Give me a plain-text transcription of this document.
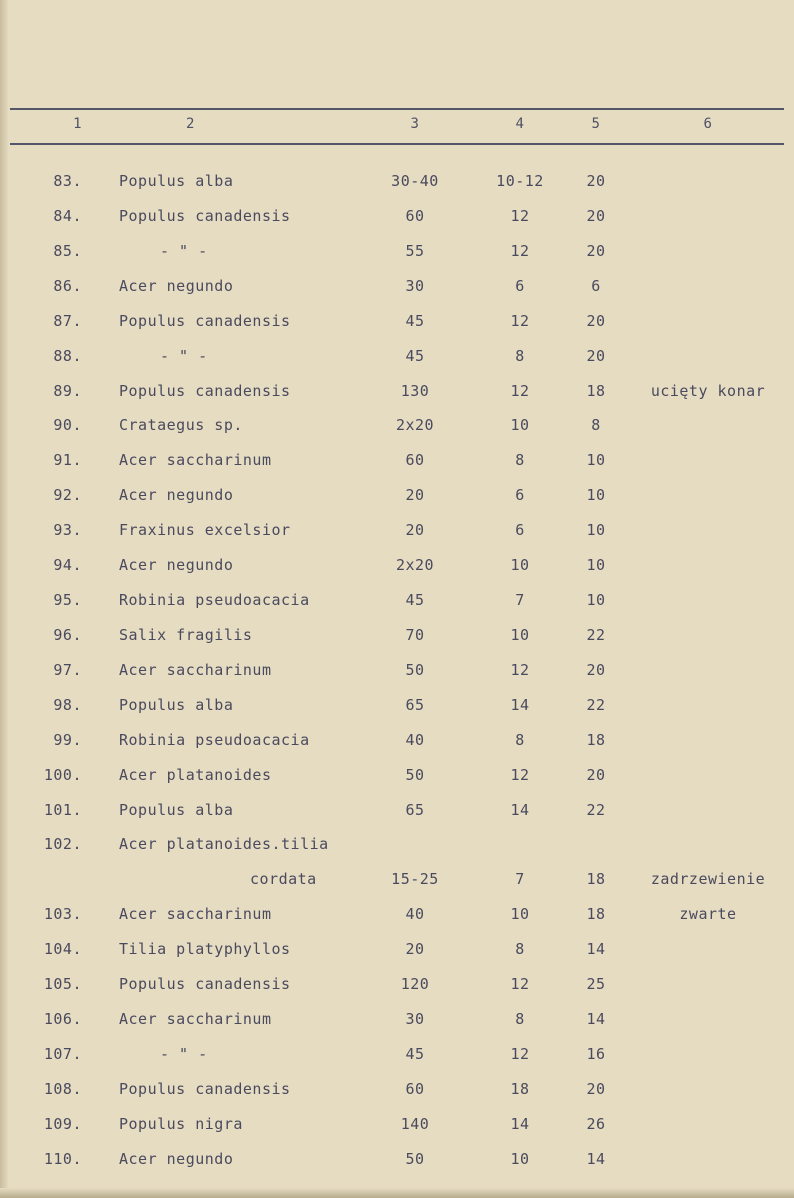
1	2	3	4	5	6
83. Populus alba	30-40	10-12	20
84. Populus canadensis	60	12	20
85.	- " -	55	12	20
86. Acer negundo	30	6	6
87. Populus canadensis	45	12	20
88.	- " -	45	8	20
89. Populus canadensis	130	12	18	ucięty konar
90. Crataegus sp.	2x20	10	8
91. Acer saccharinum	60	8	10
92. Acer negundo	20	6	10
93. Fraxinus excelsior	20	6	10
94. Acer negundo	2x20	10	10
95. Robinia pseudoacacia	45	7	10
96. Salix fragilis	70	10	22
97. Acer saccharinum	50	12	20
98. Populus alba	65	14	22
99. Robinia pseudoacacia	40	8	18
100. Acer platanoides	50	12	20
101. Populus alba	65	14	22
102. Acer platanoides.tilia
cordata	15-25	7	18	zadrzewienie
103. Acer saccharinum	40	10	18	zwarte
104. Tilia platyphyllos	20	8	14
105. Populus canadensis	120	12	25
106. Acer saccharinum	30	8	14
107.	- " -	45	12	16
108. Populus canadensis	60	18	20
109. Populus nigra	140	14	26
110. Acer negundo	50	10	14
